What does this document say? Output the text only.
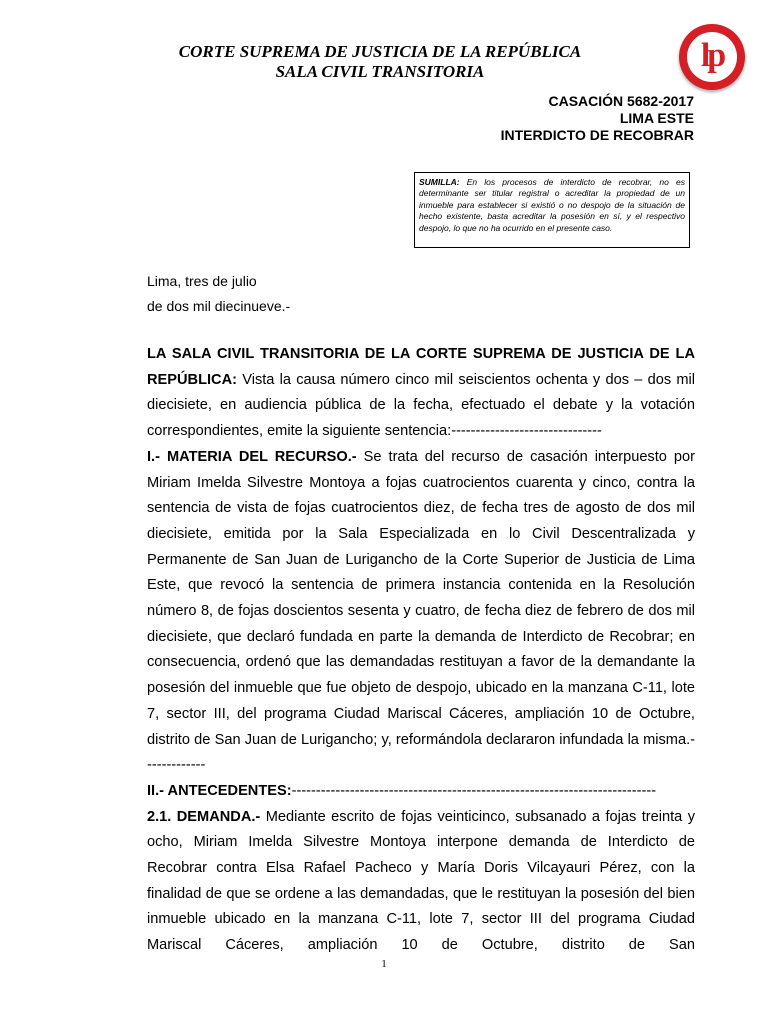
CORTE SUPREMA DE JUSTICIA DE LA REPÚBLICA
SALA CIVIL TRANSITORIA	lp
CASACIÓN 5682-2017
LIMA ESTE
INTERDICTO DE RECOBRAR
SUMILLA: En los procesos de interdicto de recobrar, no es determinante ser titular registral o acreditar la propiedad de un inmueble para establecer si existió o no despojo de la situación de hecho existente, basta acreditar la posesión en sí, y el respectivo despojo, lo que no ha ocurrido en el presente caso.
Lima, tres de julio
de dos mil diecinueve.-

LA SALA CIVIL TRANSITORIA DE LA CORTE SUPREMA DE JUSTICIA DE LA REPÚBLICA: Vista la causa número cinco mil seiscientos ochenta y dos – dos mil diecisiete, en audiencia pública de la fecha, efectuado el debate y la votación correspondientes, emite la siguiente sentencia:-------------------------------

I.- MATERIA DEL RECURSO.- Se trata del recurso de casación interpuesto por Miriam Imelda Silvestre Montoya a fojas cuatrocientos cuarenta y cinco, contra la sentencia de vista de fojas cuatrocientos diez, de fecha tres de agosto de dos mil diecisiete, emitida por la Sala Especializada en lo Civil Descentralizada y Permanente de San Juan de Lurigancho de la Corte Superior de Justicia de Lima Este, que revocó la sentencia de primera instancia contenida en la Resolución número 8, de fojas doscientos sesenta y cuatro, de fecha diez de febrero de dos mil diecisiete, que declaró fundada en parte la demanda de Interdicto de Recobrar; en consecuencia, ordenó que las demandadas restituyan a favor de la demandante la posesión del inmueble que fue objeto de despojo, ubicado en la manzana C-11, lote 7, sector III, del programa Ciudad Mariscal Cáceres, ampliación 10 de Octubre, distrito de San Juan de Lurigancho; y, reformándola declararon infundada la misma.-------------

II.- ANTECEDENTES:---------------------------------------------------------------------------

2.1. DEMANDA.- Mediante escrito de fojas veinticinco, subsanado a fojas treinta y ocho, Miriam Imelda Silvestre Montoya interpone demanda de Interdicto de Recobrar contra Elsa Rafael Pacheco y María Doris Vilcayauri Pérez, con la finalidad de que se ordene a las demandadas, que le restituyan la posesión del bien inmueble ubicado en la manzana C-11, lote 7, sector III del programa Ciudad Mariscal Cáceres, ampliación 10 de Octubre, distrito de San

1
